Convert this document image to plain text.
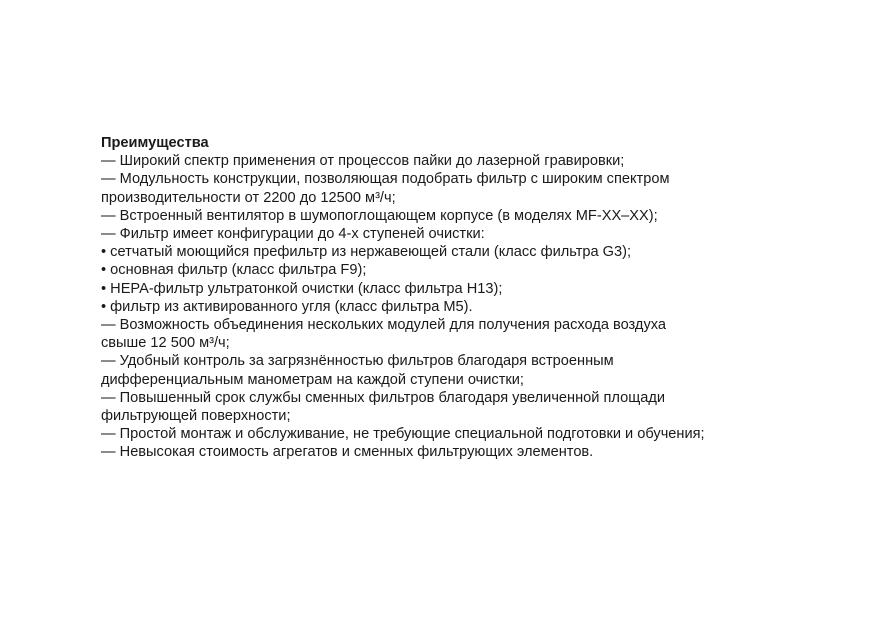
Преимущества

— Широкий спектр применения от процессов пайки до лазерной гравировки;
— Модульность конструкции, позволяющая подобрать фильтр с широким спектром
производительности от 2200 до 12500 м³/ч;
— Встроенный вентилятор в шумопоглощающем корпусе (в моделях MF-XX–XX);
— Фильтр имеет конфигурации до 4-х ступеней очистки:
• сетчатый моющийся префильтр из нержавеющей стали (класс фильтра G3);
• основная фильтр (класс фильтра F9);
• HEPA-фильтр ультратонкой очистки (класс фильтра H13);
• фильтр из активированного угля (класс фильтра M5).
— Возможность объединения нескольких модулей для получения расхода воздуха
свыше 12 500 м³/ч;
— Удобный контроль за загрязнённостью фильтров благодаря встроенным
дифференциальным манометрам на каждой ступени очистки;
— Повышенный срок службы сменных фильтров благодаря увеличенной площади
фильтрующей поверхности;
— Простой монтаж и обслуживание, не требующие специальной подготовки и обучения;
— Невысокая стоимость агрегатов и сменных фильтрующих элементов.
